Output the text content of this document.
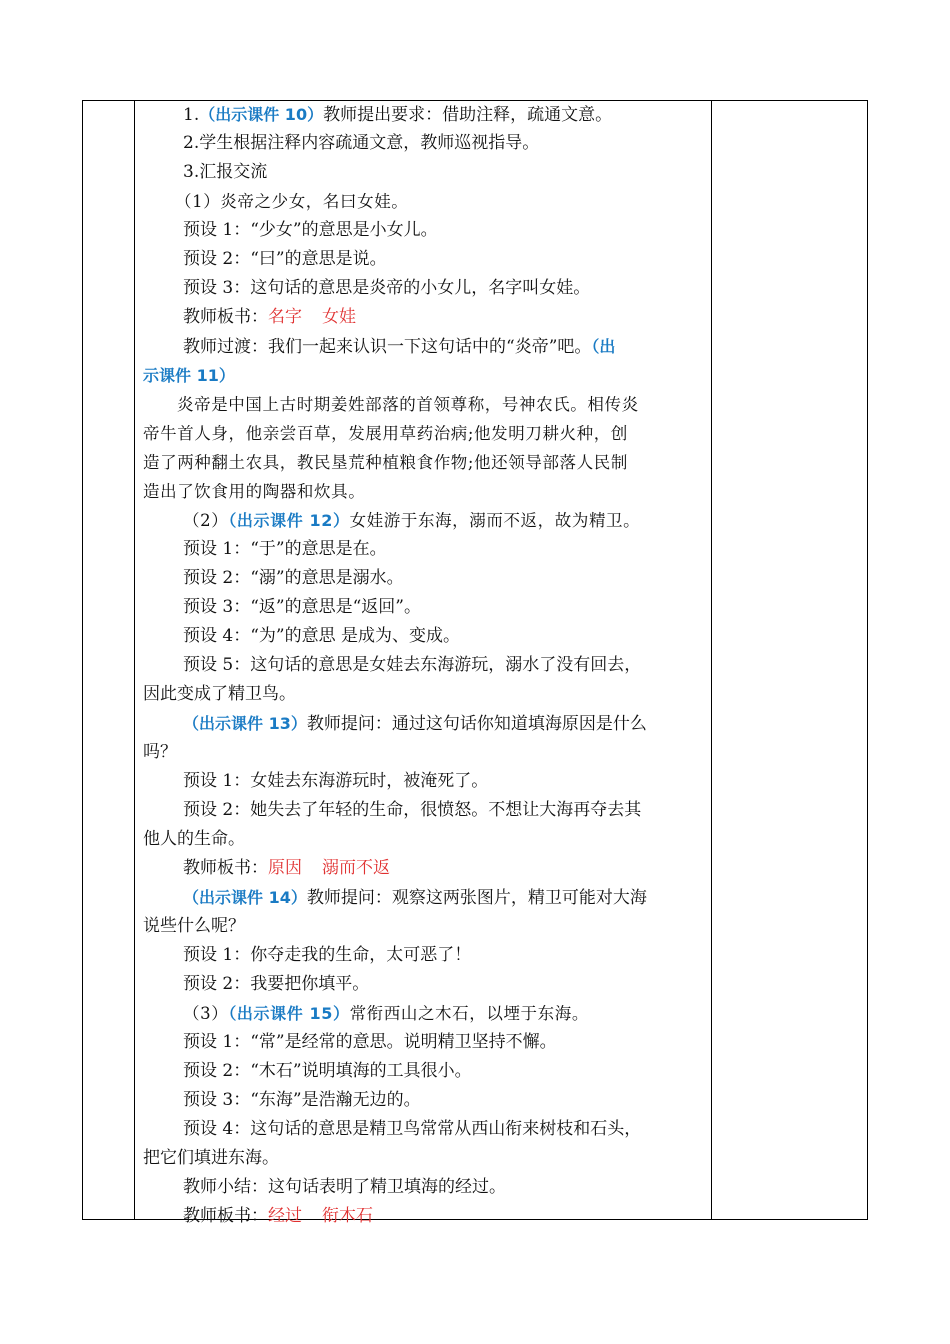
1.（出示课件 10）教师提出要求：借助注释，疏通文意。
2.学生根据注释内容疏通文意，教师巡视指导。
3.汇报交流
（1）炎帝之少女，名曰女娃。
预设 1：“少女”的意思是小女儿。
预设 2：“曰”的意思是说。
预设 3：这句话的意思是炎帝的小女儿，名字叫女娃。
教师板书：名字 女娃
教师过渡：我们一起来认识一下这句话中的“炎帝”吧。（出
示课件 11）
炎帝是中国上古时期姜姓部落的首领尊称，号神农氏。相传炎
帝牛首人身，他亲尝百草，发展用草药治病;他发明刀耕火种，创
造了两种翻土农具，教民垦荒种植粮食作物;他还领导部落人民制
造出了饮食用的陶器和炊具。
（2）（出示课件 12）女娃游于东海，溺而不返，故为精卫。
预设 1：“于”的意思是在。
预设 2：“溺”的意思是溺水。
预设 3：“返”的意思是“返回”。
预设 4：“为”的意思 是成为、变成。
预设 5：这句话的意思是女娃去东海游玩，溺水了没有回去，
因此变成了精卫鸟。
（出示课件 13）教师提问：通过这句话你知道填海原因是什么
吗？
预设 1：女娃去东海游玩时，被淹死了。
预设 2：她失去了年轻的生命，很愤怒。不想让大海再夺去其
他人的生命。
教师板书：原因 溺而不返
（出示课件 14）教师提问：观察这两张图片，精卫可能对大海
说些什么呢？
预设 1：你夺走我的生命，太可恶了！
预设 2：我要把你填平。
（3）（出示课件 15）常衔西山之木石，以堙于东海。
预设 1：“常”是经常的意思。说明精卫坚持不懈。
预设 2：“木石”说明填海的工具很小。
预设 3：“东海”是浩瀚无边的。
预设 4：这句话的意思是精卫鸟常常从西山衔来树枝和石头，
把它们填进东海。
教师小结：这句话表明了精卫填海的经过。
教师板书：经过 衔木石
